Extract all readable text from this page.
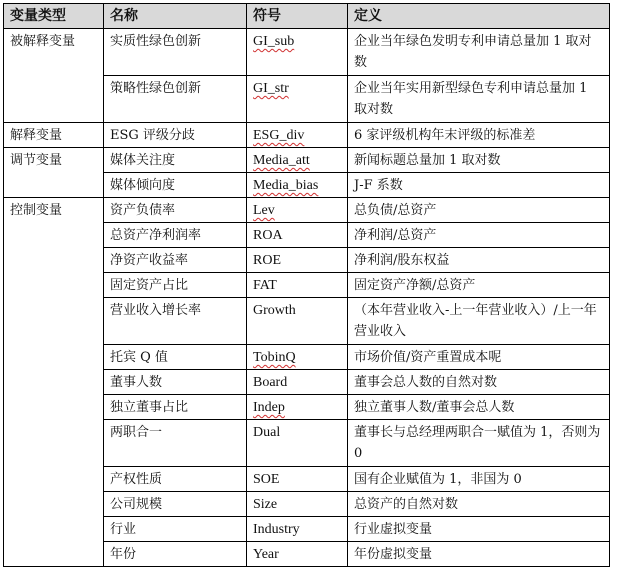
变量类型	名称	符号	定义
被解释变量	实质性绿色创新	GI_sub	企业当年绿色发明专利申请总量加 1 取对数
	策略性绿色创新	GI_str	企业当年实用新型绿色专利申请总量加 1 取对数
解释变量	ESG 评级分歧	ESG_div	6 家评级机构年末评级的标准差
调节变量	媒体关注度	Media_att	新闻标题总量加 1 取对数
	媒体倾向度	Media_bias	J-F 系数
控制变量	资产负债率	Lev	总负债/总资产
	总资产净利润率	ROA	净利润/总资产
	净资产收益率	ROE	净利润/股东权益
	固定资产占比	FAT	固定资产净额/总资产
	营业收入增长率	Growth	（本年营业收入-上一年营业收入）/上一年营业收入
	托宾 Q 值	TobinQ	市场价值/资产重置成本呢
	董事人数	Board	董事会总人数的自然对数
	独立董事占比	Indep	独立董事人数/董事会总人数
	两职合一	Dual	董事长与总经理两职合一赋值为 1，否则为 0
	产权性质	SOE	国有企业赋值为 1，非国为 0
	公司规模	Size	总资产的自然对数
	行业	Industry	行业虚拟变量
	年份	Year	年份虚拟变量
